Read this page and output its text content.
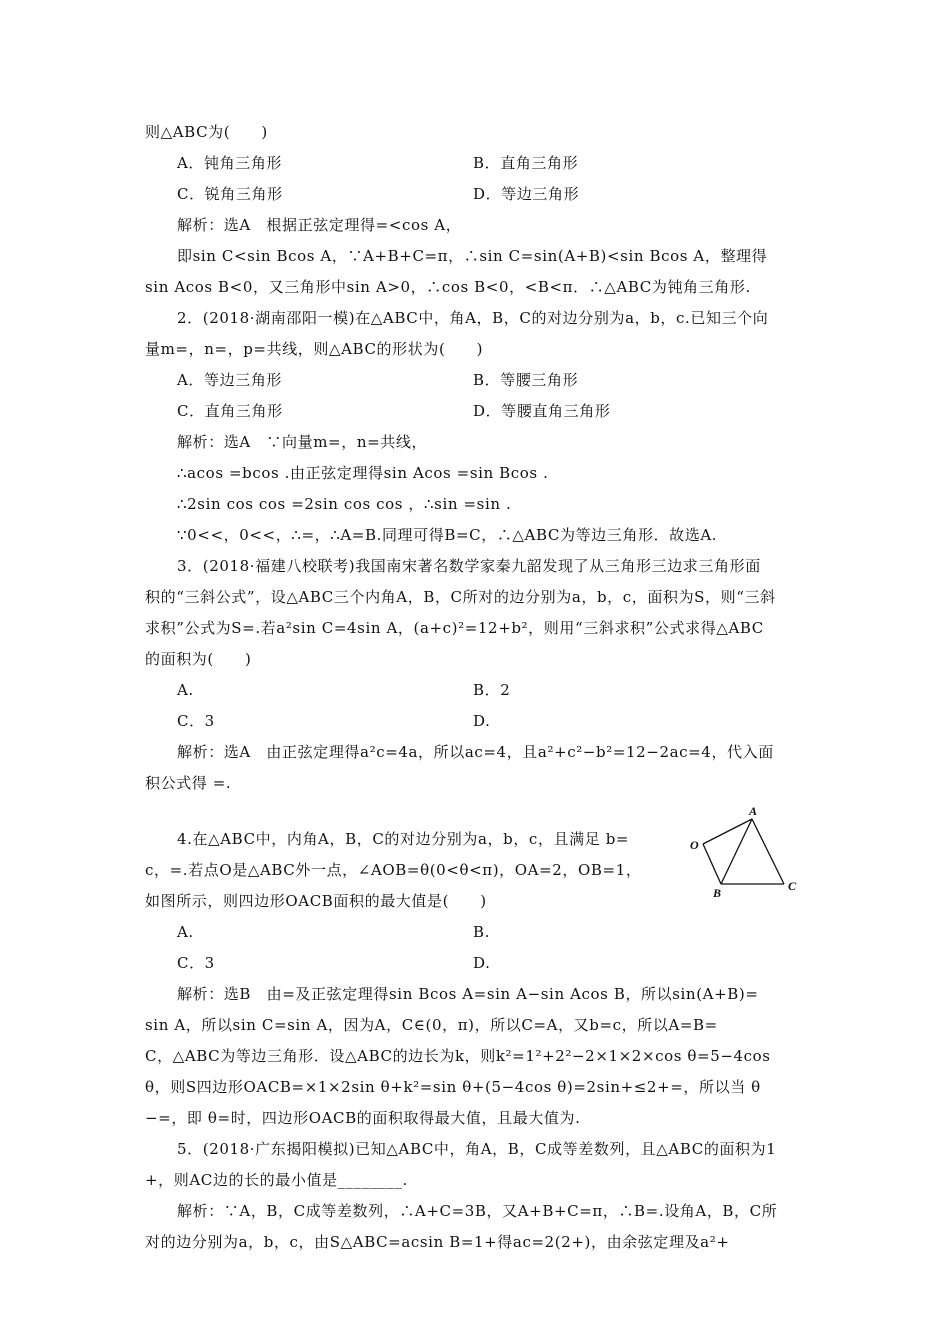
则△ABC为(　　)
A．钝角三角形	B．直角三角形
C．锐角三角形	D．等边三角形
解析：选A　根据正弦定理得=<cos A，
即sin C<sin Bcos A，∵A+B+C=π，∴sin C=sin(A+B)<sin Bcos A，整理得
sin Acos B<0，又三角形中sin A>0，∴cos B<0，<B<π．∴△ABC为钝角三角形.
2．(2018·湖南邵阳一模)在△ABC中，角A，B，C的对边分别为a，b，c.已知三个向
量m=，n=，p=共线，则△ABC的形状为(　　)
A．等边三角形	B．等腰三角形
C．直角三角形	D．等腰直角三角形
解析：选A　∵向量m=，n=共线，
∴acos =bcos .由正弦定理得sin Acos =sin Bcos .
∴2sin cos cos =2sin cos cos ，∴sin =sin .
∵0<<，0<<，∴=，∴A=B.同理可得B=C，∴△ABC为等边三角形．故选A.
3．(2018·福建八校联考)我国南宋著名数学家秦九韶发现了从三角形三边求三角形面
积的“三斜公式”，设△ABC三个内角A，B，C所对的边分别为a，b，c，面积为S，则“三斜
求积”公式为S=.若a²sin C=4sin A，(a+c)²=12+b²，则用“三斜求积”公式求得△ABC
的面积为(　　)
A.	B．2
C．3	D.
解析：选A　由正弦定理得a²c=4a，所以ac=4，且a²+c²−b²=12−2ac=4，代入面
积公式得 =.
4.在△ABC中，内角A，B，C的对边分别为a，b，c，且满足 b=
c，=.若点O是△ABC外一点，∠AOB=θ(0<θ<π)，OA=2，OB=1，
如图所示，则四边形OACB面积的最大值是(　　)
A.	B.
C．3	D.
解析：选B　由=及正弦定理得sin Bcos A=sin A−sin Acos B，所以sin(A+B)=
sin A，所以sin C=sin A，因为A，C∈(0，π)，所以C=A，又b=c，所以A=B=
C，△ABC为等边三角形．设△ABC的边长为k，则k²=1²+2²−2×1×2×cos θ=5−4cos
θ，则S四边形OACB=×1×2sin θ+k²=sin θ+(5−4cos θ)=2sin+≤2+=，所以当 θ
−=，即 θ=时，四边形OACB的面积取得最大值，且最大值为.
5．(2018·广东揭阳模拟)已知△ABC中，角A，B，C成等差数列，且△ABC的面积为1
+，则AC边的长的最小值是________.
解析：∵A，B，C成等差数列，∴A+C=3B，又A+B+C=π，∴B=.设角A，B，C所
对的边分别为a，b，c，由S△ABC=acsin B=1+得ac=2(2+)，由余弦定理及a²+
A
O
B	C
